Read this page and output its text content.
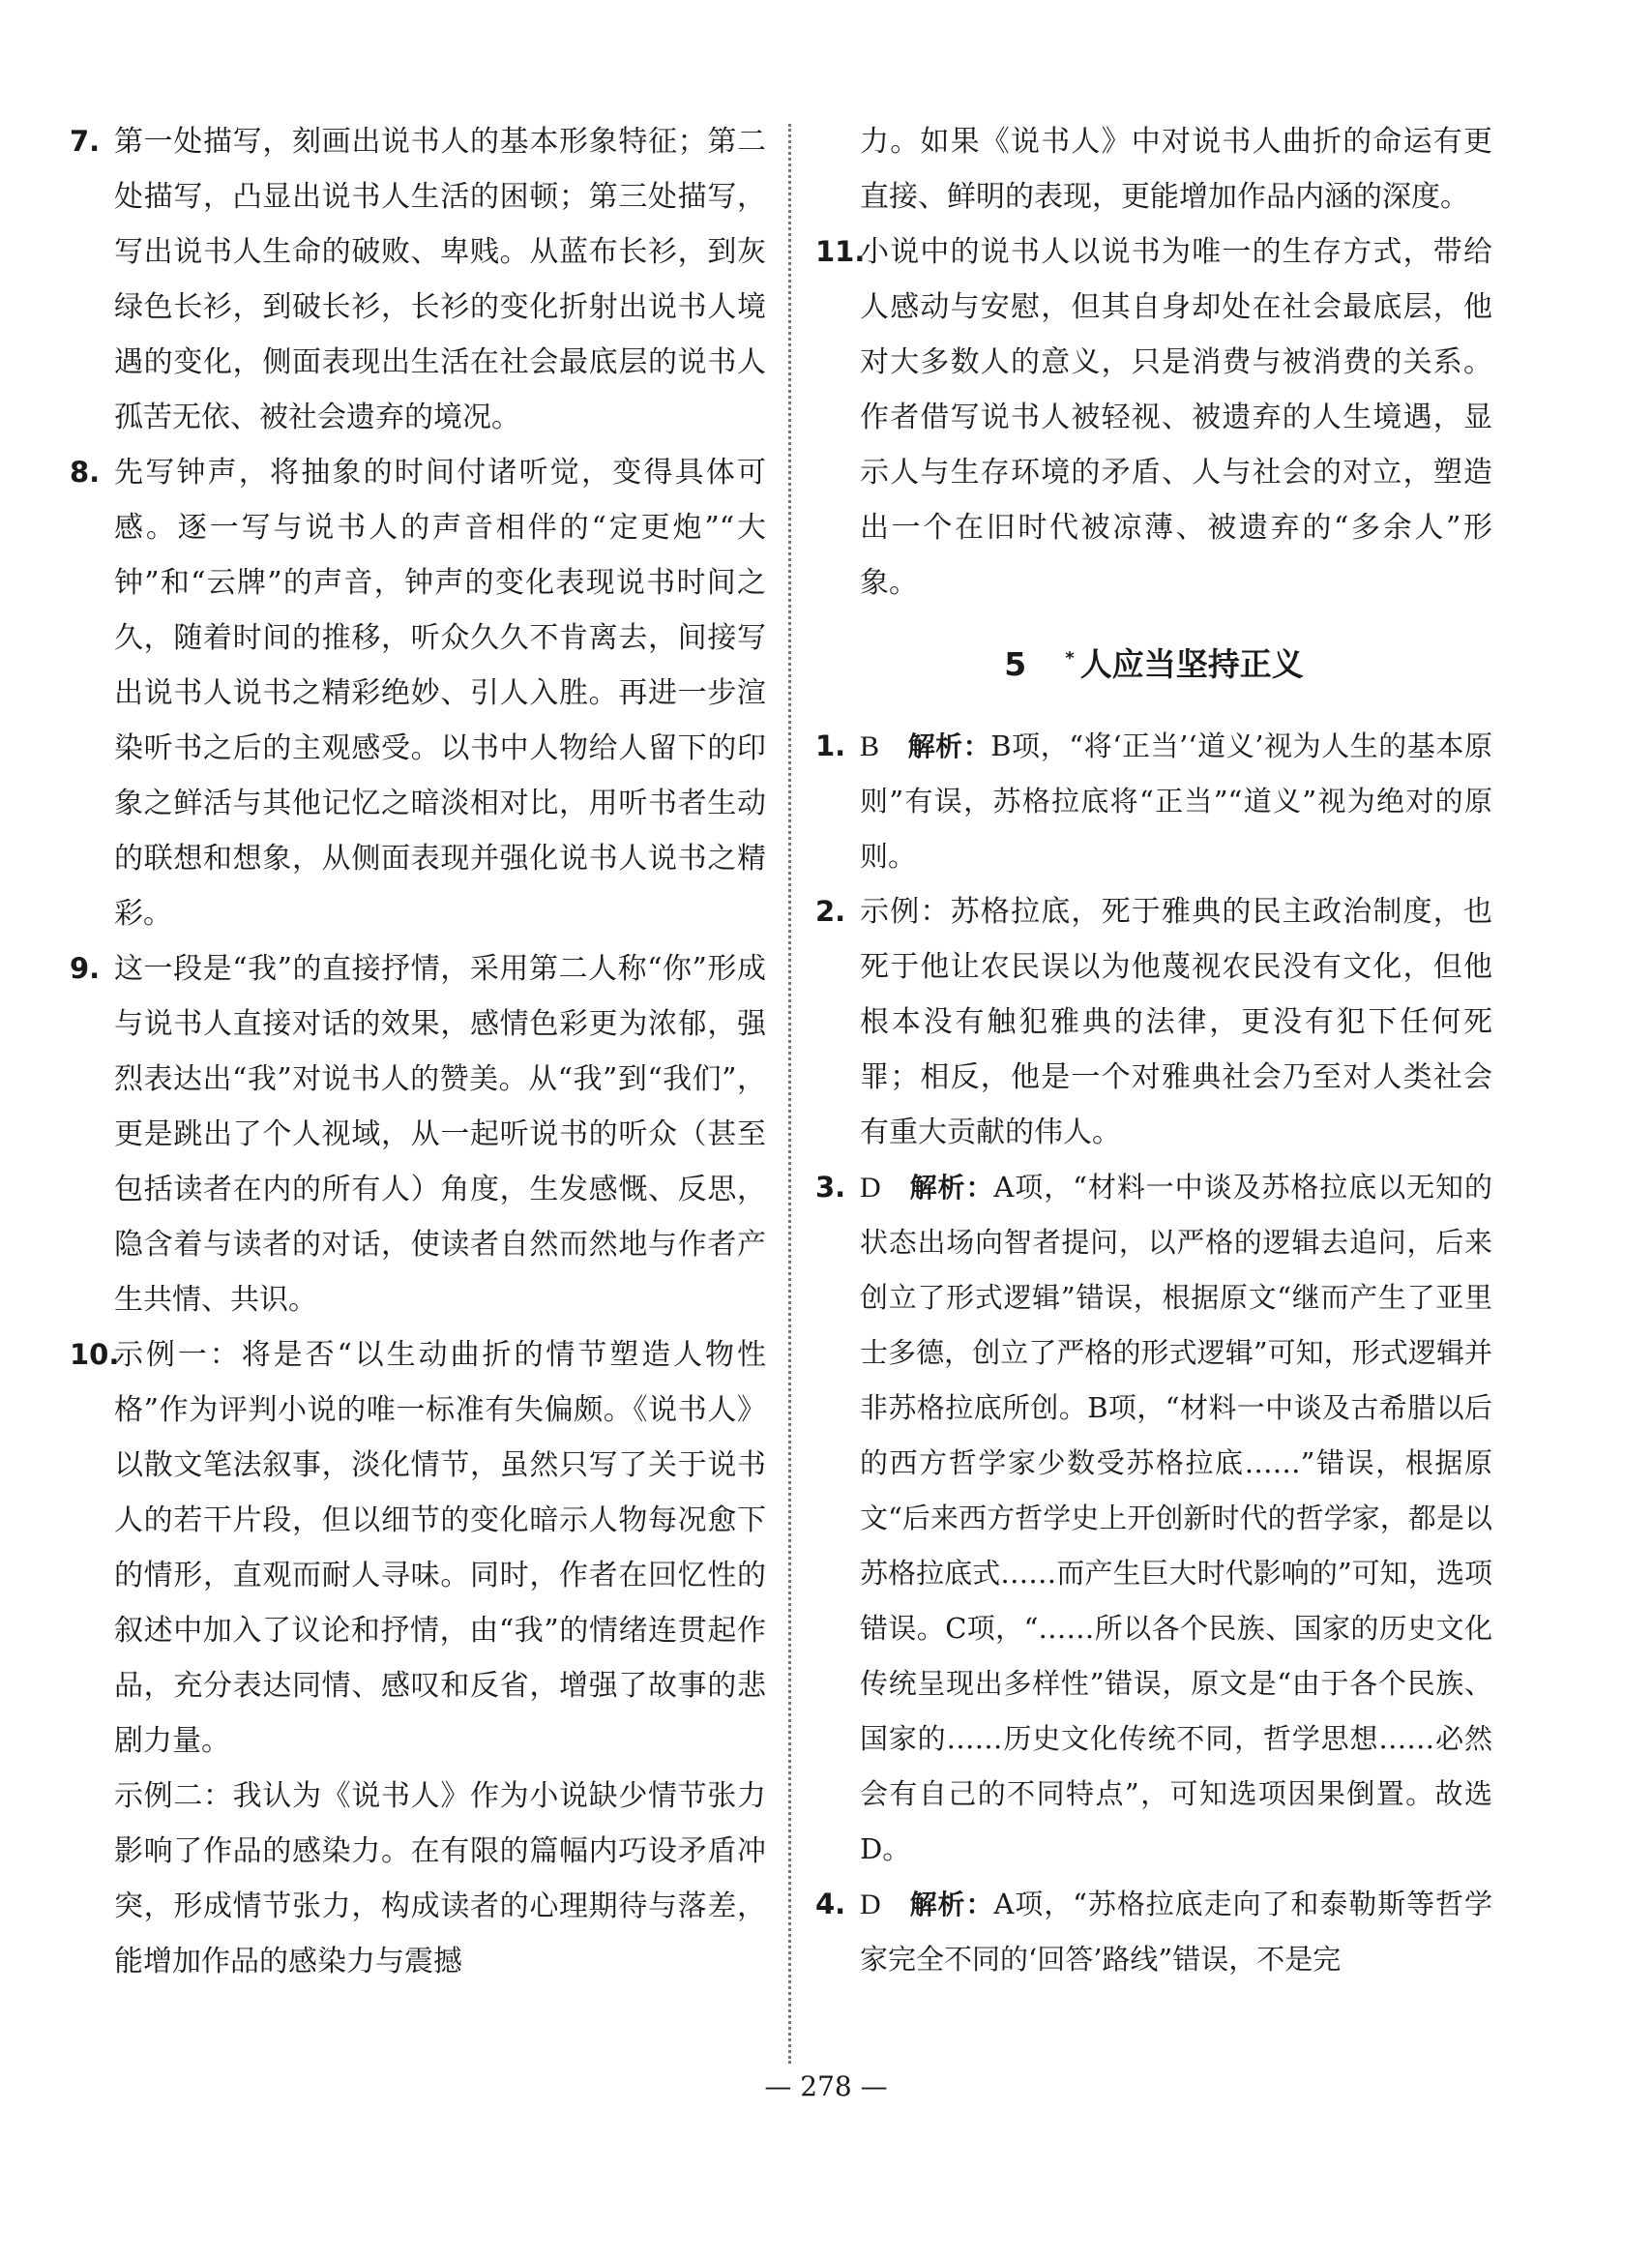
7. 第一处描写，刻画出说书人的基本形象特征；第二处描写，凸显出说书人生活的困顿；第三处描写，写出说书人生命的破败、卑贱。从蓝布长衫，到灰绿色长衫，到破长衫，长衫的变化折射出说书人境遇的变化，侧面表现出生活在社会最底层的说书人孤苦无依、被社会遗弃的境况。

8. 先写钟声，将抽象的时间付诸听觉，变得具体可感。逐一写与说书人的声音相伴的“定更炮”“大钟”和“云牌”的声音，钟声的变化表现说书时间之久，随着时间的推移，听众久久不肯离去，间接写出说书人说书之精彩绝妙、引人入胜。再进一步渲染听书之后的主观感受。以书中人物给人留下的印象之鲜活与其他记忆之暗淡相对比，用听书者生动的联想和想象，从侧面表现并强化说书人说书之精彩。

9. 这一段是“我”的直接抒情，采用第二人称“你”形成与说书人直接对话的效果，感情色彩更为浓郁，强烈表达出“我”对说书人的赞美。从“我”到“我们”，更是跳出了个人视域，从一起听说书的听众（甚至包括读者在内的所有人）角度，生发感慨、反思，隐含着与读者的对话，使读者自然而然地与作者产生共情、共识。

10.

示例一：将是否“以生动曲折的情节塑造人物性格”作为评判小说的唯一标准有失偏颇。《说书人》以散文笔法叙事，淡化情节，虽然只写了关于说书人的若干片段，但以细节的变化暗示人物每况愈下的情形，直观而耐人寻味。同时，作者在回忆性的叙述中加入了议论和抒情，由“我”的情绪连贯起作品，充分表达同情、感叹和反省，增强了故事的悲剧力量。

示例二：我认为《说书人》作为小说缺少情节张力影响了作品的感染力。在有限的篇幅内巧设矛盾冲突，形成情节张力，构成读者的心理期待与落差，能增加作品的感染力与震撼

力。如果《说书人》中对说书人曲折的命运有更直接、鲜明的表现，更能增加作品内涵的深度。

11.

小说中的说书人以说书为唯一的生存方式，带给人感动与安慰，但其自身却处在社会最底层，他对大多数人的意义，只是消费与被消费的关系。作者借写说书人被轻视、被遗弃的人生境遇，显示人与生存环境的矛盾、人与社会的对立，塑造出一个在旧时代被凉薄、被遗弃的“多余人”形象。

5 * 人应当坚持正义
1. B  解析：B项，“将‘正当’‘道义’视为人生的基本原则”有误，苏格拉底将“正当”“道义”视为绝对的原则。

2. 示例：苏格拉底，死于雅典的民主政治制度，也死于他让农民误以为他蔑视农民没有文化，但他根本没有触犯雅典的法律，更没有犯下任何死罪；相反，他是一个对雅典社会乃至对人类社会有重大贡献的伟人。

3. D  解析：A项，“材料一中谈及苏格拉底以无知的状态出场向智者提问，以严格的逻辑去追问，后来创立了形式逻辑”错误，根据原文“继而产生了亚里士多德，创立了严格的形式逻辑”可知，形式逻辑并非苏格拉底所创。B项，“材料一中谈及古希腊以后的西方哲学家少数受苏格拉底……”错误，根据原文“后来西方哲学史上开创新时代的哲学家，都是以苏格拉底式……而产生巨大时代影响的”可知，选项错误。C项，“……所以各个民族、国家的历史文化传统呈现出多样性”错误，原文是“由于各个民族、国家的……历史文化传统不同，哲学思想……必然会有自己的不同特点”，可知选项因果倒置。故选D。

4. D  解析：A项，“苏格拉底走向了和泰勒斯等哲学家完全不同的‘回答’路线”错误，不是完

— 278 —
